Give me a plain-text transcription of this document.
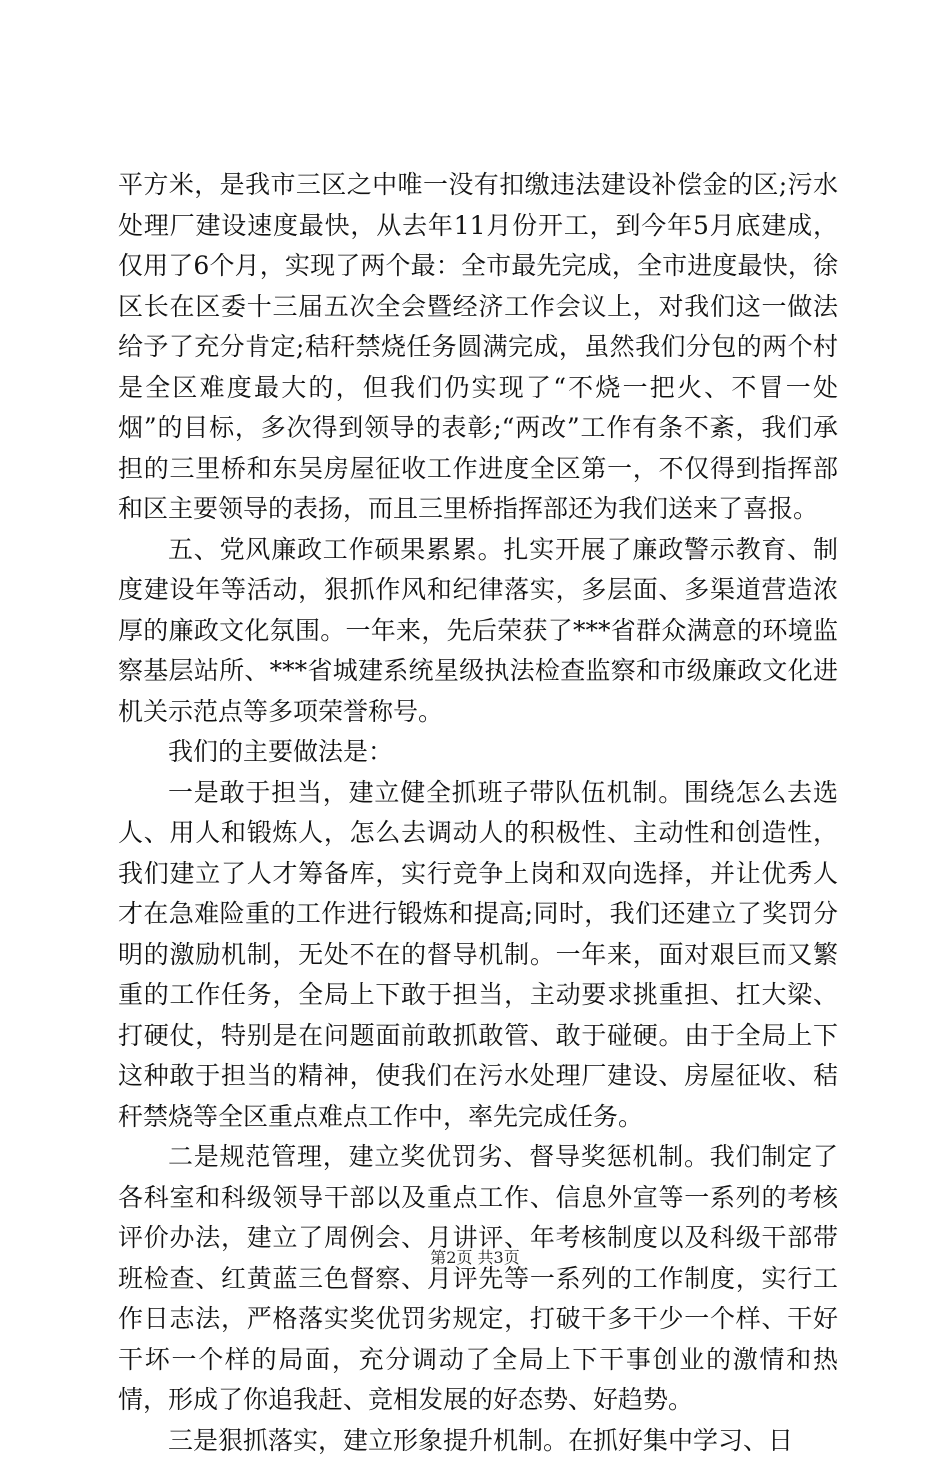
平方米，是我市三区之中唯一没有扣缴违法建设补偿金的区;污水处理厂建设速度最快，从去年11月份开工，到今年5月底建成，仅用了6个月，实现了两个最：全市最先完成，全市进度最快，徐区长在区委十三届五次全会暨经济工作会议上，对我们这一做法给予了充分肯定;秸秆禁烧任务圆满完成，虽然我们分包的两个村是全区难度最大的，但我们仍实现了“不烧一把火、不冒一处烟”的目标，多次得到领导的表彰;“两改”工作有条不紊，我们承担的三里桥和东吴房屋征收工作进度全区第一，不仅得到指挥部和区主要领导的表扬，而且三里桥指挥部还为我们送来了喜报。

五、党风廉政工作硕果累累。扎实开展了廉政警示教育、制度建设年等活动，狠抓作风和纪律落实，多层面、多渠道营造浓厚的廉政文化氛围。一年来，先后荣获了***省群众满意的环境监察基层站所、***省城建系统星级执法检查监察和市级廉政文化进机关示范点等多项荣誉称号。

我们的主要做法是：

一是敢于担当，建立健全抓班子带队伍机制。围绕怎么去选人、用人和锻炼人，怎么去调动人的积极性、主动性和创造性，我们建立了人才筹备库，实行竞争上岗和双向选择，并让优秀人才在急难险重的工作进行锻炼和提高;同时，我们还建立了奖罚分明的激励机制，无处不在的督导机制。一年来，面对艰巨而又繁重的工作任务，全局上下敢于担当，主动要求挑重担、扛大梁、打硬仗，特别是在问题面前敢抓敢管、敢于碰硬。由于全局上下这种敢于担当的精神，使我们在污水处理厂建设、房屋征收、秸秆禁烧等全区重点难点工作中，率先完成任务。

二是规范管理，建立奖优罚劣、督导奖惩机制。我们制定了各科室和科级领导干部以及重点工作、信息外宣等一系列的考核评价办法，建立了周例会、月讲评、年考核制度以及科级干部带班检查、红黄蓝三色督察、月评先等一系列的工作制度，实行工作日志法，严格落实奖优罚劣规定，打破干多干少一个样、干好干坏一个样的局面，充分调动了全局上下干事创业的激情和热情，形成了你追我赶、竞相发展的好态势、好趋势。

三是狠抓落实，建立形象提升机制。在抓好集中学习、日

第2页 共3页
